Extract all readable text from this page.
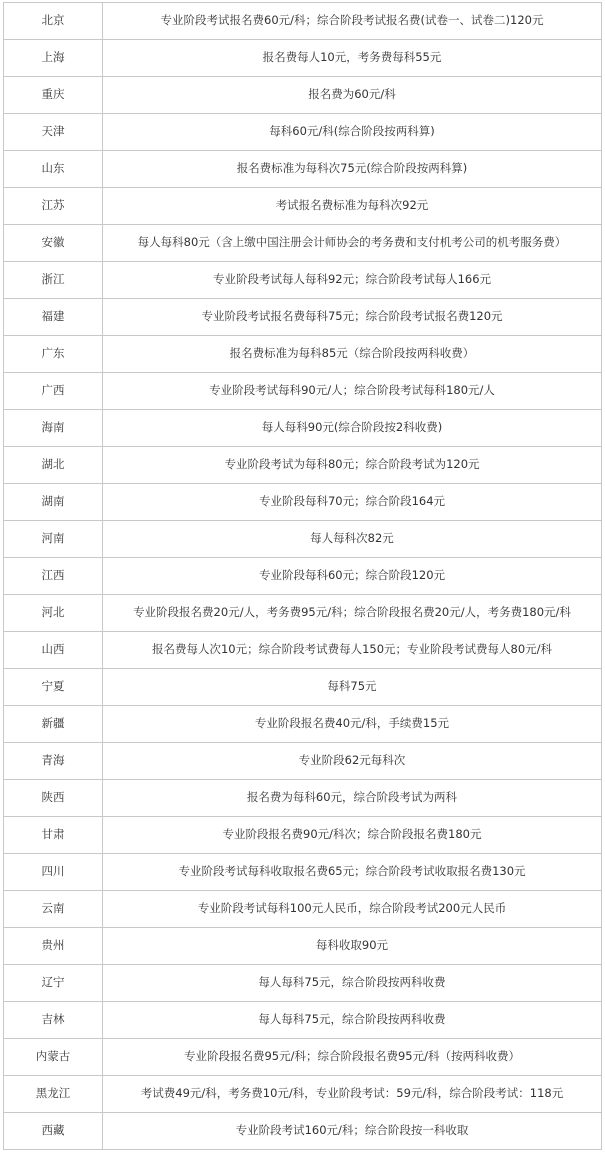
北京	专业阶段考试报名费60元/科；综合阶段考试报名费(试卷一、试卷二)120元
上海	报名费每人10元，考务费每科55元
重庆	报名费为60元/科
天津	每科60元/科(综合阶段按两科算)
山东	报名费标准为每科次75元(综合阶段按两科算)
江苏	考试报名费标准为每科次92元
安徽	每人每科80元（含上缴中国注册会计师协会的考务费和支付机考公司的机考服务费）
浙江	专业阶段考试每人每科92元；综合阶段考试每人166元
福建	专业阶段考试报名费每科75元；综合阶段考试报名费120元
广东	报名费标准为每科85元（综合阶段按两科收费）
广西	专业阶段考试每科90元/人；综合阶段考试每科180元/人
海南	每人每科90元(综合阶段按2科收费)
湖北	专业阶段考试为每科80元；综合阶段考试为120元
湖南	专业阶段每科70元；综合阶段164元
河南	每人每科次82元
江西	专业阶段每科60元；综合阶段120元
河北	专业阶段报名费20元/人，考务费95元/科；综合阶段报名费20元/人，考务费180元/科
山西	报名费每人次10元；综合阶段考试费每人150元；专业阶段考试费每人80元/科
宁夏	每科75元
新疆	专业阶段报名费40元/科，手续费15元
青海	专业阶段62元每科次
陕西	报名费为每科60元，综合阶段考试为两科
甘肃	专业阶段报名费90元/科次；综合阶段报名费180元
四川	专业阶段考试每科收取报名费65元；综合阶段考试收取报名费130元
云南	专业阶段考试每科100元人民币，综合阶段考试200元人民币
贵州	每科收取90元
辽宁	每人每科75元，综合阶段按两科收费
吉林	每人每科75元，综合阶段按两科收费
内蒙古	专业阶段报名费95元/科；综合阶段报名费95元/科（按两科收费）
黑龙江	考试费49元/科，考务费10元/科，专业阶段考试：59元/科，综合阶段考试：118元
西藏	专业阶段考试160元/科；综合阶段按一科收取
